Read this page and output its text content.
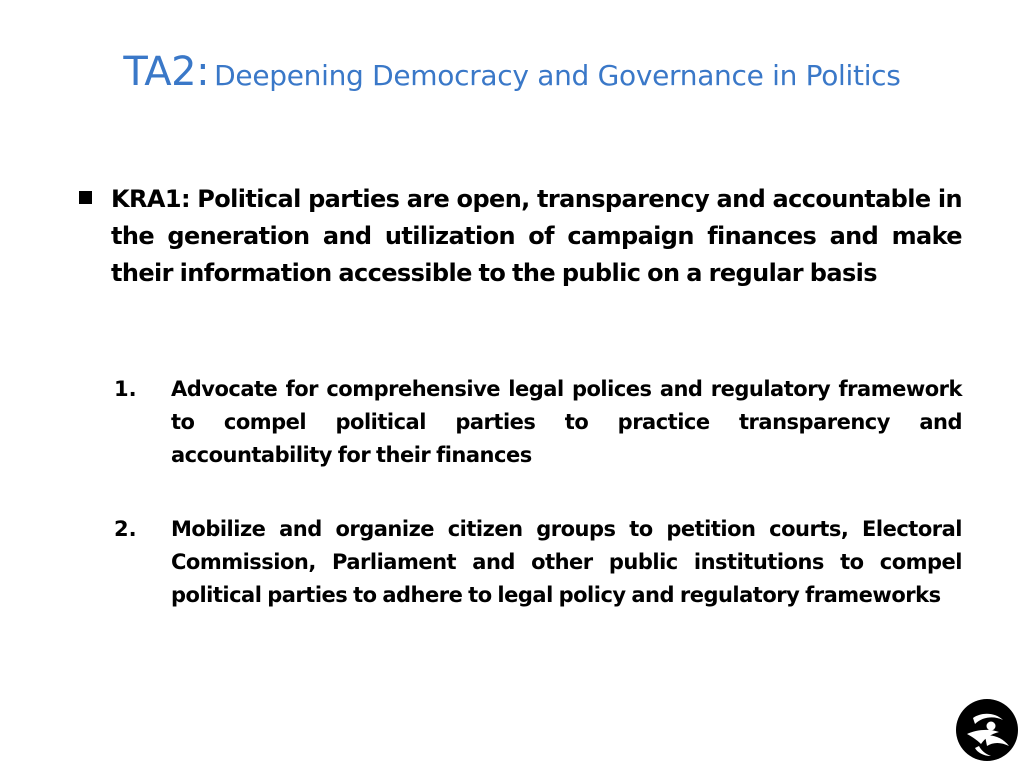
TA2: Deepening Democracy and Governance in Politics
KRA1: Political parties are open, transparency and accountable in the generation and utilization of campaign finances and make their information accessible to the public on a regular basis
1.	Advocate for comprehensive legal polices and regulatory framework to compel political parties to practice transparency and accountability for their finances
2.	Mobilize and organize citizen groups to petition courts, Electoral Commission, Parliament and other public institutions to compel political parties to adhere to legal policy and regulatory frameworks
